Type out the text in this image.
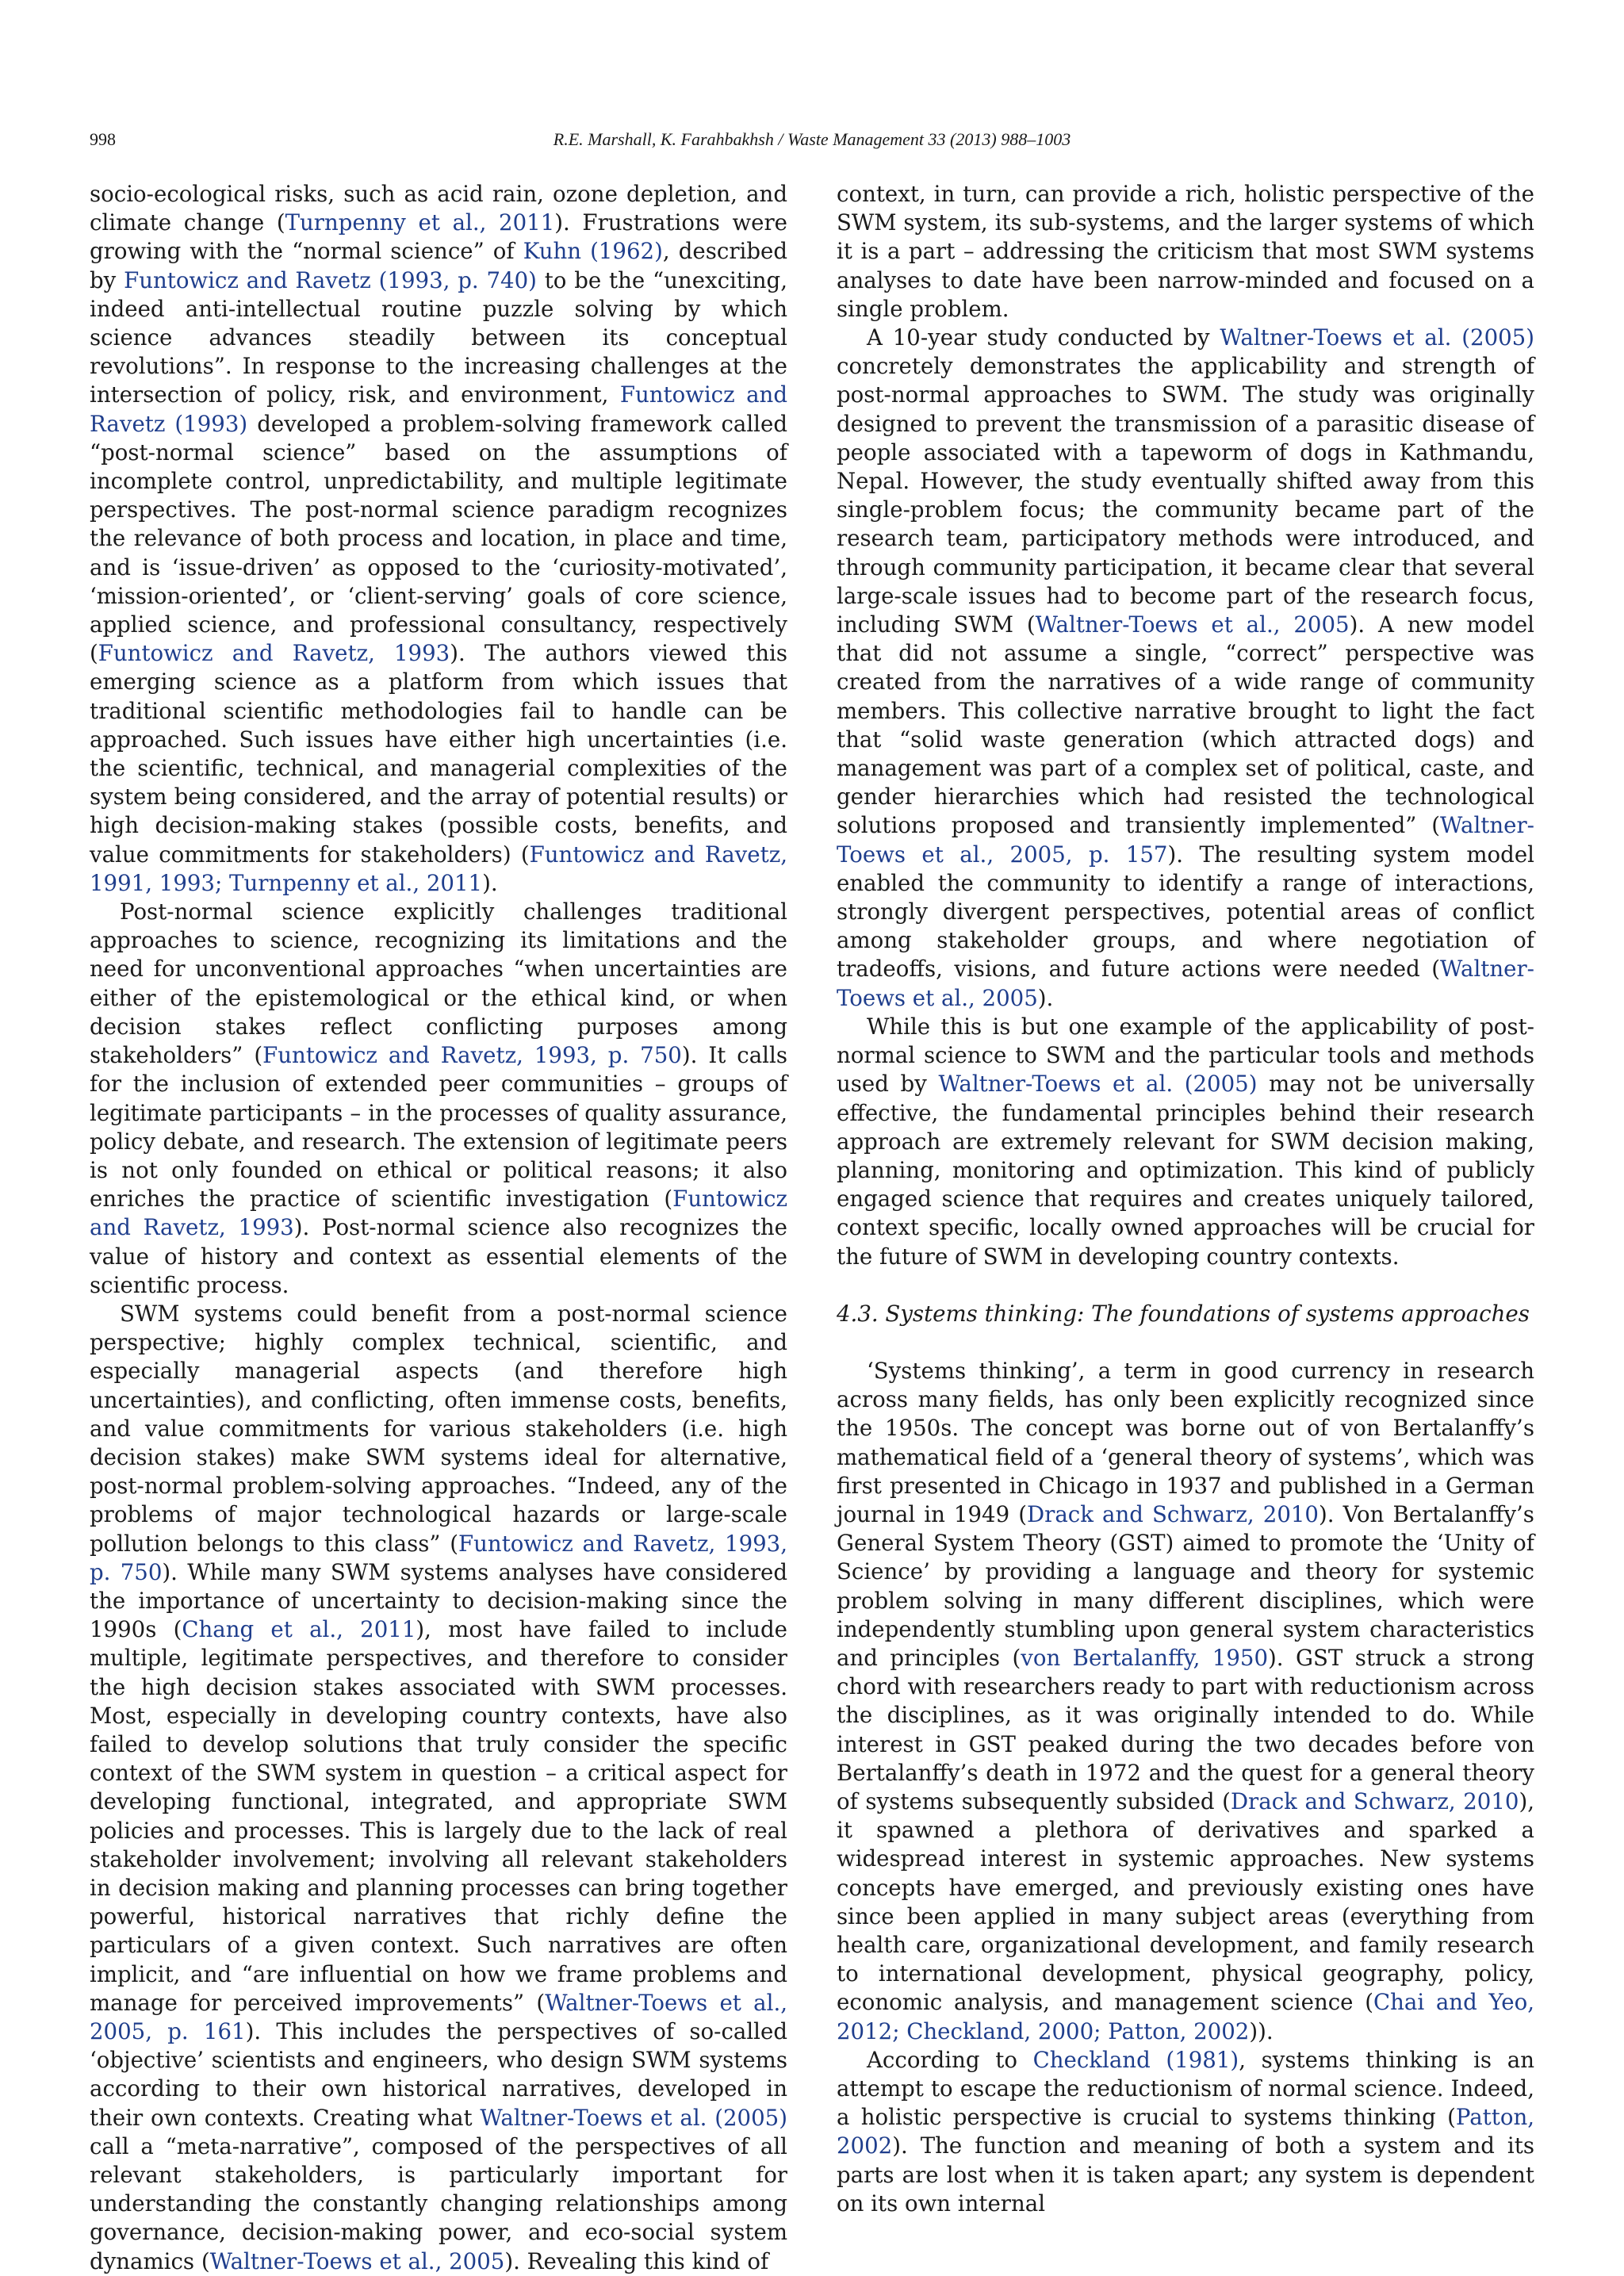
998	R.E. Marshall, K. Farahbakhsh / Waste Management 33 (2013) 988–1003

socio-ecological risks, such as acid rain, ozone depletion, and climate change (Turnpenny et al., 2011). Frustrations were growing with the “normal science” of Kuhn (1962), described by Funtowicz and Ravetz (1993, p. 740) to be the “unexciting, indeed anti-intellectual routine puzzle solving by which science advances steadily between its conceptual revolutions”. In response to the increasing challenges at the intersection of policy, risk, and environment, Funtowicz and Ravetz (1993) developed a problem-solving framework called “post-normal science” based on the assumptions of incomplete control, unpredictability, and multiple legitimate perspectives. The post-normal science paradigm recognizes the relevance of both process and location, in place and time, and is ‘issue-driven’ as opposed to the ‘curiosity-motivated’, ‘mission-oriented’, or ‘client-serving’ goals of core science, applied science, and professional consultancy, respectively (Funtowicz and Ravetz, 1993). The authors viewed this emerging science as a platform from which issues that traditional scientific methodologies fail to handle can be approached. Such issues have either high uncertainties (i.e. the scientific, technical, and managerial complexities of the system being considered, and the array of potential results) or high decision-making stakes (possible costs, benefits, and value commitments for stakeholders) (Funtowicz and Ravetz, 1991, 1993; Turnpenny et al., 2011).

Post-normal science explicitly challenges traditional approaches to science, recognizing its limitations and the need for unconventional approaches “when uncertainties are either of the epistemological or the ethical kind, or when decision stakes reflect conflicting purposes among stakeholders” (Funtowicz and Ravetz, 1993, p. 750). It calls for the inclusion of extended peer communities – groups of legitimate participants – in the processes of quality assurance, policy debate, and research. The extension of legitimate peers is not only founded on ethical or political reasons; it also enriches the practice of scientific investigation (Funtowicz and Ravetz, 1993). Post-normal science also recognizes the value of history and context as essential elements of the scientific process.

SWM systems could benefit from a post-normal science perspective; highly complex technical, scientific, and especially managerial aspects (and therefore high uncertainties), and conflicting, often immense costs, benefits, and value commitments for various stakeholders (i.e. high decision stakes) make SWM systems ideal for alternative, post-normal problem-solving approaches. “Indeed, any of the problems of major technological hazards or large-scale pollution belongs to this class” (Funtowicz and Ravetz, 1993, p. 750). While many SWM systems analyses have considered the importance of uncertainty to decision-making since the 1990s (Chang et al., 2011), most have failed to include multiple, legitimate perspectives, and therefore to consider the high decision stakes associated with SWM processes. Most, especially in developing country contexts, have also failed to develop solutions that truly consider the specific context of the SWM system in question – a critical aspect for developing functional, integrated, and appropriate SWM policies and processes. This is largely due to the lack of real stakeholder involvement; involving all relevant stakeholders in decision making and planning processes can bring together powerful, historical narratives that richly define the particulars of a given context. Such narratives are often implicit, and “are influential on how we frame problems and manage for perceived improvements” (Waltner-Toews et al., 2005, p. 161). This includes the perspectives of so-called ‘objective’ scientists and engineers, who design SWM systems according to their own historical narratives, developed in their own contexts. Creating what Waltner-Toews et al. (2005) call a “meta-narrative”, composed of the perspectives of all relevant stakeholders, is particularly important for understanding the constantly changing relationships among governance, decision-making power, and eco-social system dynamics (Waltner-Toews et al., 2005). Revealing this kind of

context, in turn, can provide a rich, holistic perspective of the SWM system, its sub-systems, and the larger systems of which it is a part – addressing the criticism that most SWM systems analyses to date have been narrow-minded and focused on a single problem.

A 10-year study conducted by Waltner-Toews et al. (2005) concretely demonstrates the applicability and strength of post-normal approaches to SWM. The study was originally designed to prevent the transmission of a parasitic disease of people associated with a tapeworm of dogs in Kathmandu, Nepal. However, the study eventually shifted away from this single-problem focus; the community became part of the research team, participatory methods were introduced, and through community participation, it became clear that several large-scale issues had to become part of the research focus, including SWM (Waltner-Toews et al., 2005). A new model that did not assume a single, “correct” perspective was created from the narratives of a wide range of community members. This collective narrative brought to light the fact that “solid waste generation (which attracted dogs) and management was part of a complex set of political, caste, and gender hierarchies which had resisted the technological solutions proposed and transiently implemented” (Waltner-Toews et al., 2005, p. 157). The resulting system model enabled the community to identify a range of interactions, strongly divergent perspectives, potential areas of conflict among stakeholder groups, and where negotiation of tradeoffs, visions, and future actions were needed (Waltner-Toews et al., 2005).

While this is but one example of the applicability of post-normal science to SWM and the particular tools and methods used by Waltner-Toews et al. (2005) may not be universally effective, the fundamental principles behind their research approach are extremely relevant for SWM decision making, planning, monitoring and optimization. This kind of publicly engaged science that requires and creates uniquely tailored, context specific, locally owned approaches will be crucial for the future of SWM in developing country contexts.

4.3. Systems thinking: The foundations of systems approaches

‘Systems thinking’, a term in good currency in research across many fields, has only been explicitly recognized since the 1950s. The concept was borne out of von Bertalanffy’s mathematical field of a ‘general theory of systems’, which was first presented in Chicago in 1937 and published in a German journal in 1949 (Drack and Schwarz, 2010). Von Bertalanffy’s General System Theory (GST) aimed to promote the ‘Unity of Science’ by providing a language and theory for systemic problem solving in many different disciplines, which were independently stumbling upon general system characteristics and principles (von Bertalanffy, 1950). GST struck a strong chord with researchers ready to part with reductionism across the disciplines, as it was originally intended to do. While interest in GST peaked during the two decades before von Bertalanffy’s death in 1972 and the quest for a general theory of systems subsequently subsided (Drack and Schwarz, 2010), it spawned a plethora of derivatives and sparked a widespread interest in systemic approaches. New systems concepts have emerged, and previously existing ones have since been applied in many subject areas (everything from health care, organizational development, and family research to international development, physical geography, policy, economic analysis, and management science (Chai and Yeo, 2012; Checkland, 2000; Patton, 2002)).

According to Checkland (1981), systems thinking is an attempt to escape the reductionism of normal science. Indeed, a holistic perspective is crucial to systems thinking (Patton, 2002). The function and meaning of both a system and its parts are lost when it is taken apart; any system is dependent on its own internal
